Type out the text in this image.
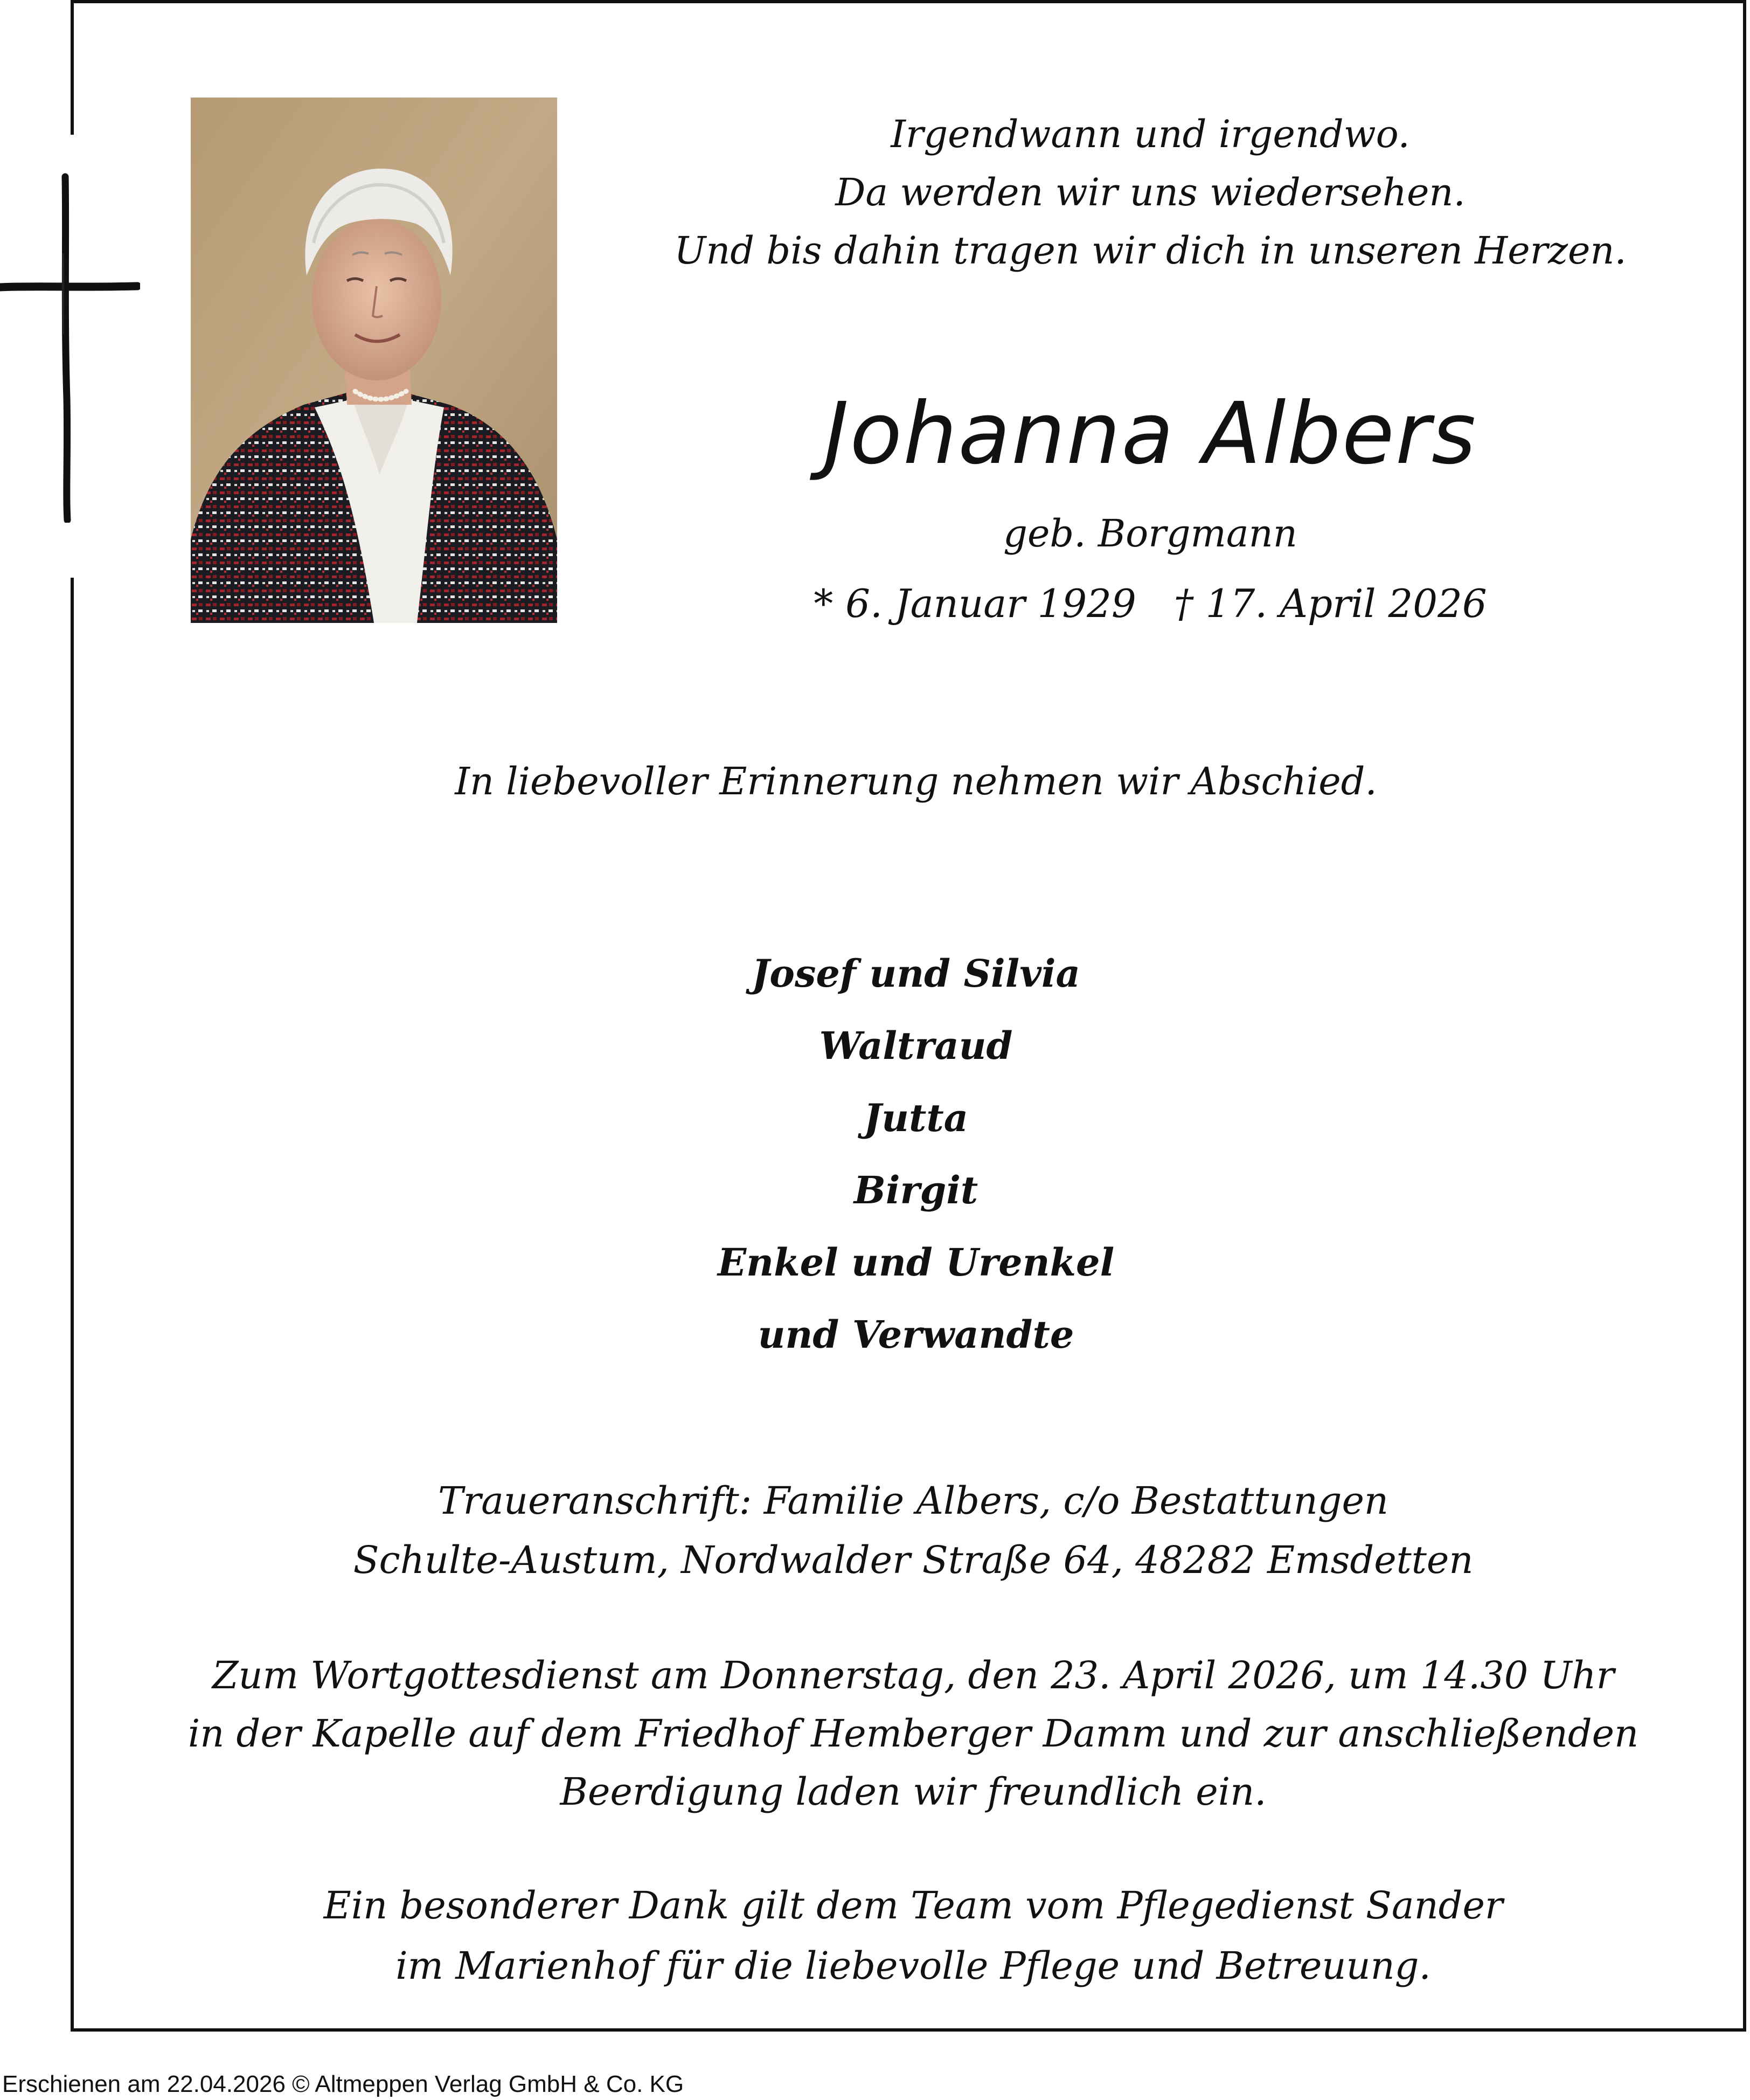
Irgendwann und irgendwo.
Da werden wir uns wiedersehen.
Und bis dahin tragen wir dich in unseren Herzen.
Johanna Albers
geb. Borgmann
* 6. Januar 1929 † 17. April 2026
In liebevoller Erinnerung nehmen wir Abschied.
Josef und Silvia
Waltraud
Jutta
Birgit
Enkel und Urenkel
und Verwandte
Traueranschrift: Familie Albers, c/o Bestattungen
Schulte-Austum, Nordwalder Straße 64, 48282 Emsdetten
Zum Wortgottesdienst am Donnerstag, den 23. April 2026, um 14.30 Uhr
in der Kapelle auf dem Friedhof Hemberger Damm und zur anschließenden
Beerdigung laden wir freundlich ein.
Ein besonderer Dank gilt dem Team vom Pflegedienst Sander
im Marienhof für die liebevolle Pflege und Betreuung.
Erschienen am 22.04.2026 © Altmeppen Verlag GmbH & Co. KG
